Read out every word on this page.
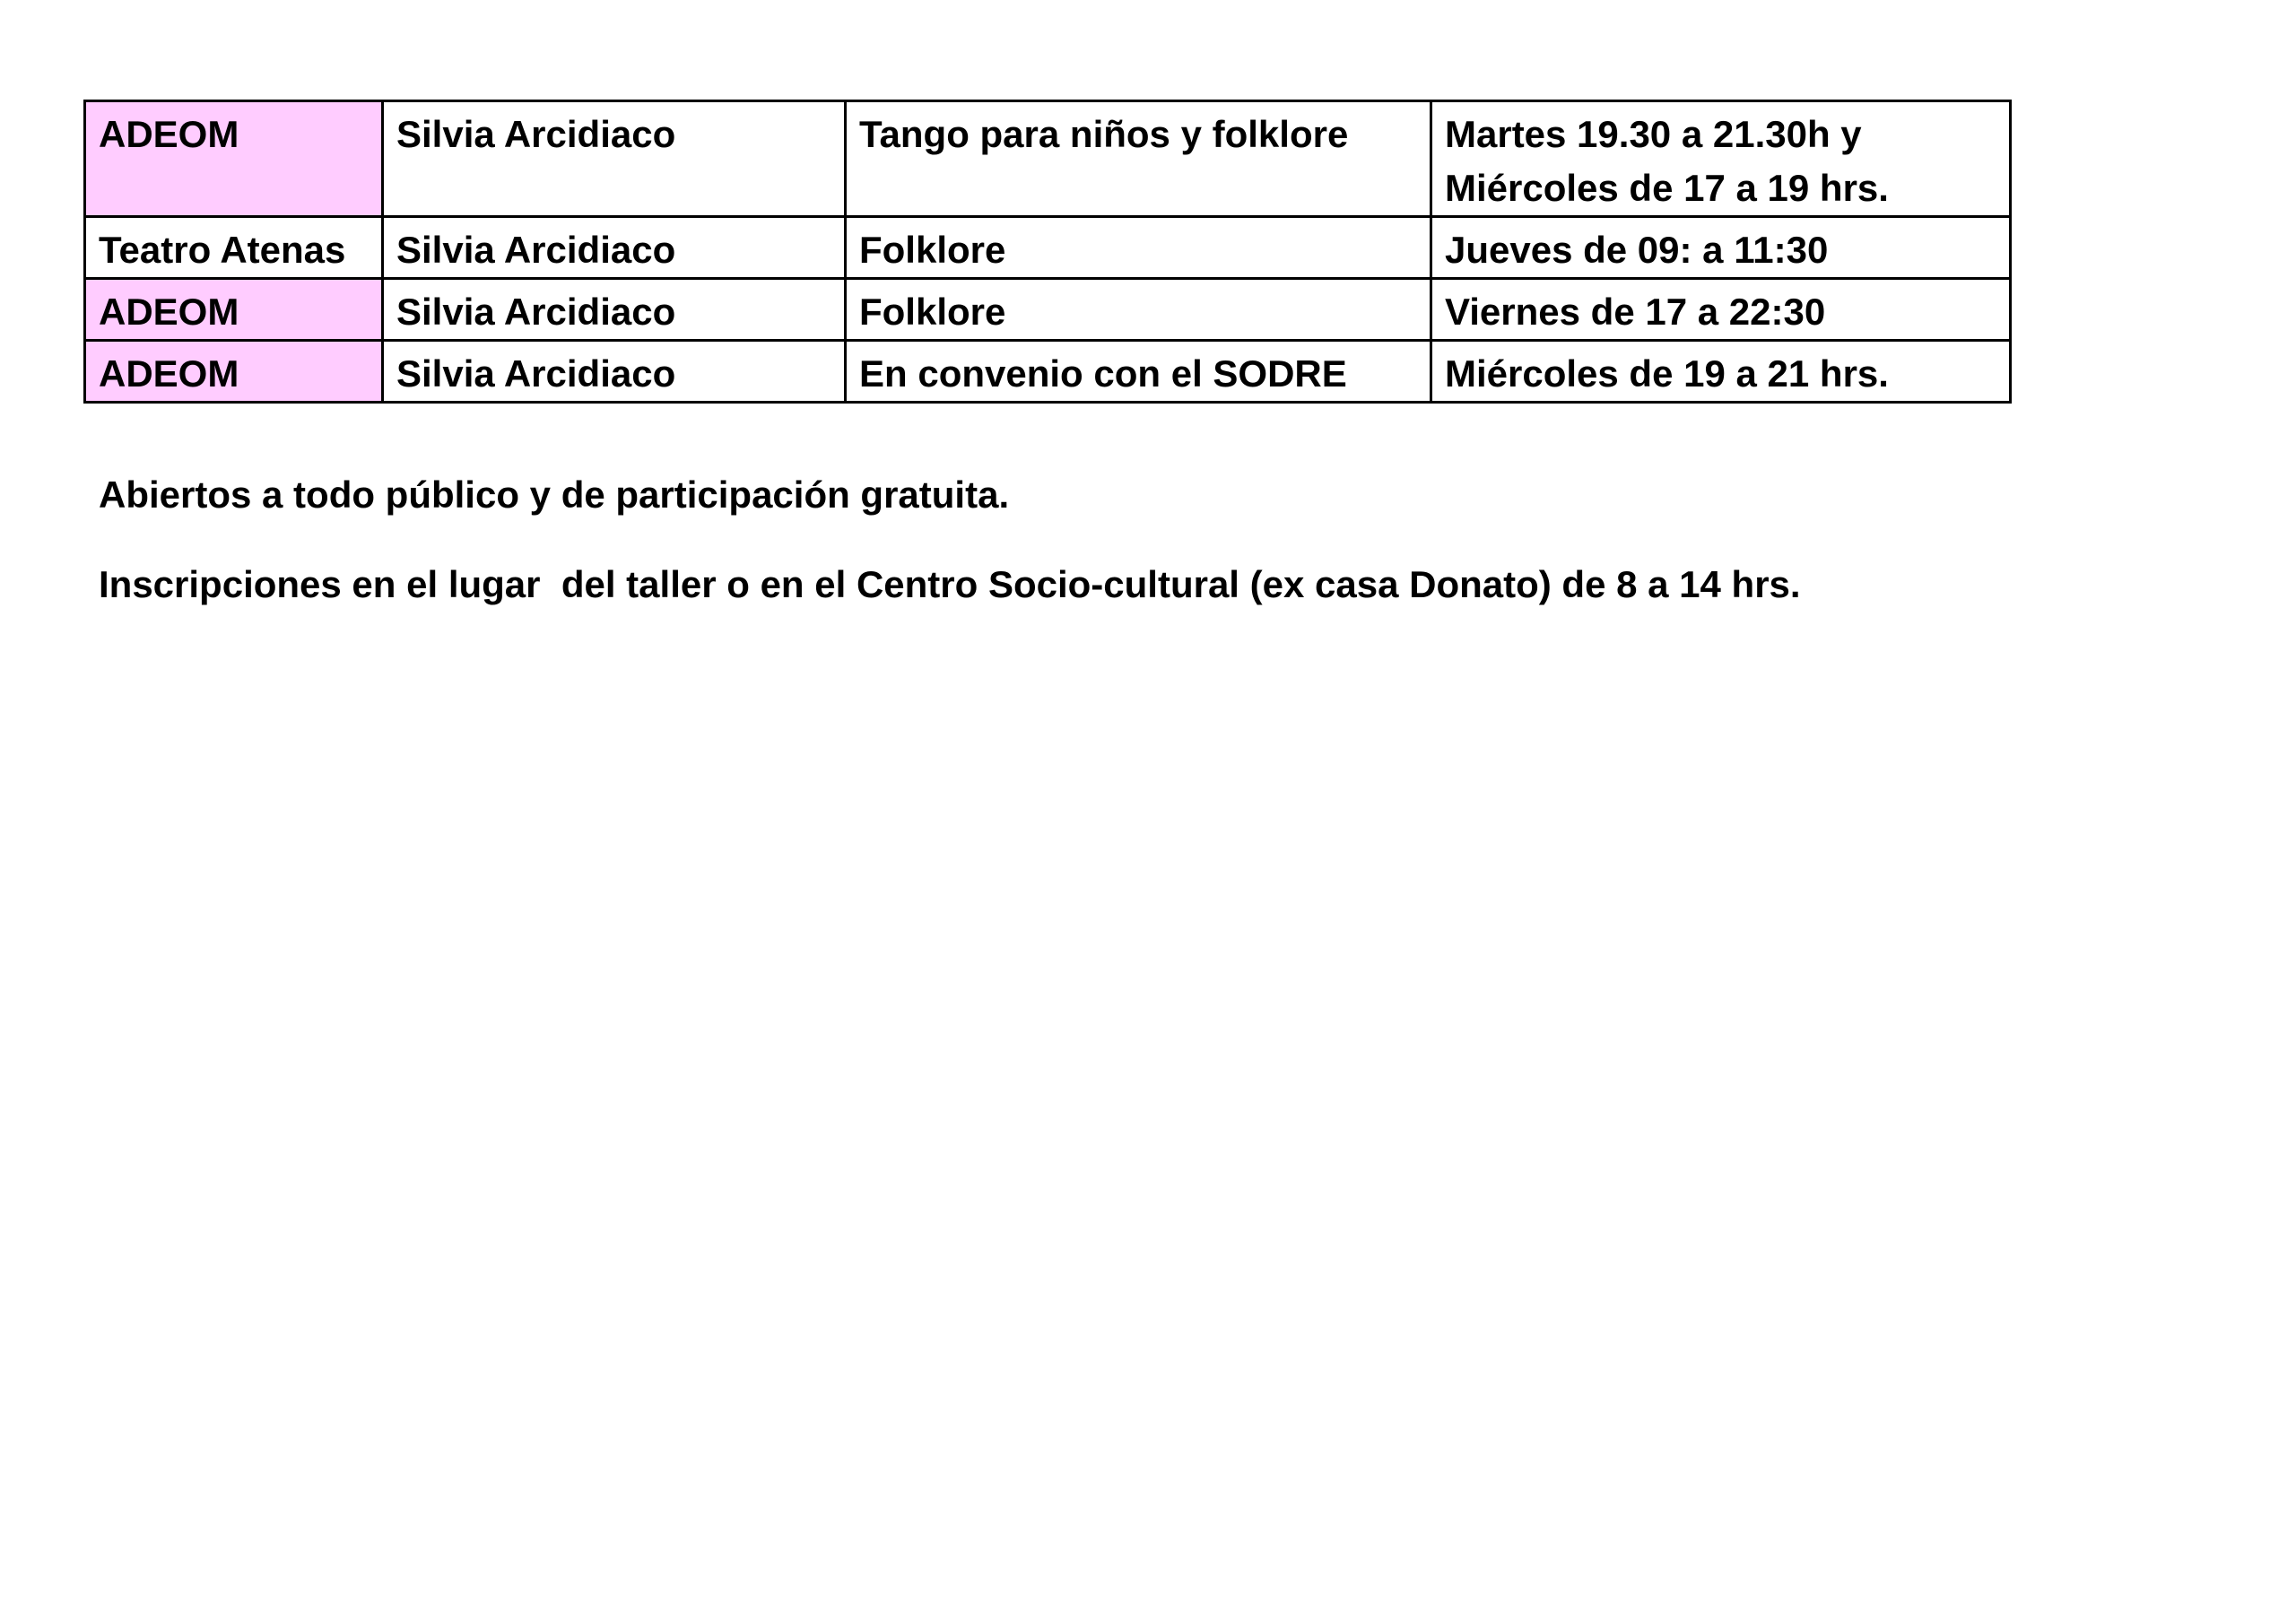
ADEOM	Silvia Arcidiaco	Tango para niños y folklore	Martes 19.30 a 21.30h y
Miércoles de 17 a 19 hrs.
Teatro Atenas	Silvia Arcidiaco	Folklore	Jueves de 09: a 11:30
ADEOM	Silvia Arcidiaco	Folklore	Viernes de 17 a 22:30
ADEOM	Silvia Arcidiaco	En convenio con el SODRE	Miércoles de 19 a 21 hrs.

Abiertos a todo público y de participación gratuita.

Inscripciones en el lugar  del taller o en el Centro Socio-cultural (ex casa Donato) de 8 a 14 hrs.
